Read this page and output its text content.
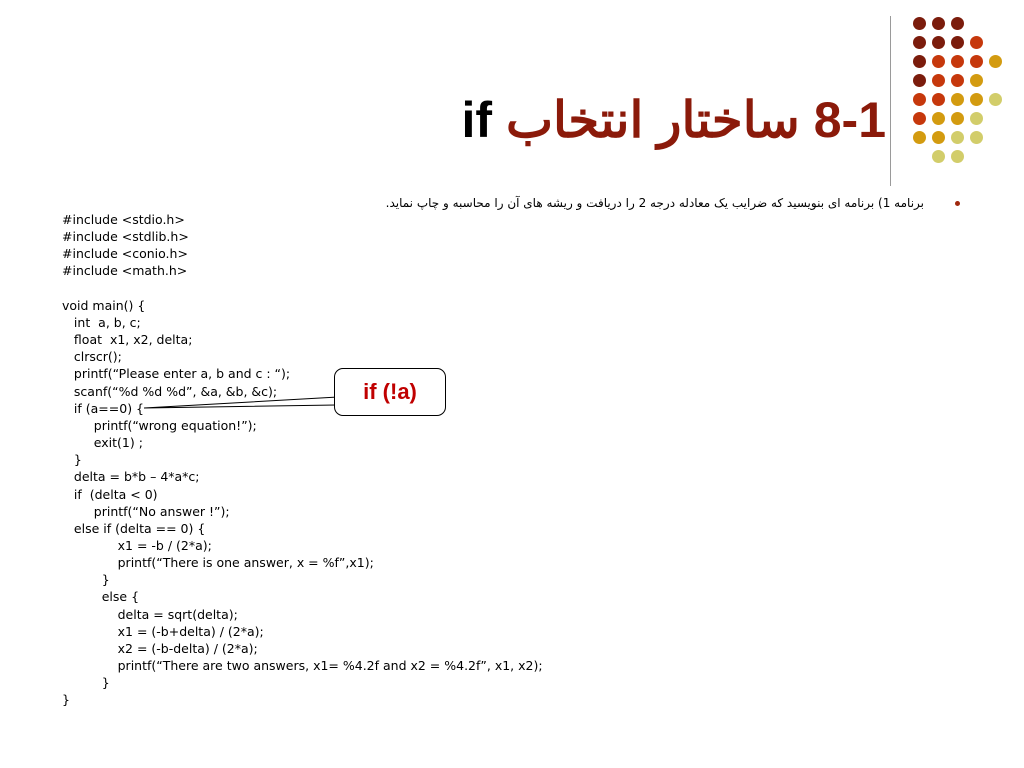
8-1 ساختار انتخاب if
برنامه 1) برنامه ای بنویسید که ضرایب یک معادله درجه 2 را دریافت و ریشه های آن را محاسبه و چاپ نماید.
#include <stdio.h>
#include <stdlib.h>
#include <conio.h>
#include <math.h>

void main() {
int  a, b, c;
float  x1, x2, delta;
clrscr();
printf(“Please enter a, b and c : “);
scanf(“%d %d %d”, &a, &b, &c);
if (a==0) {
printf(“wrong equation!”);
exit(1) ;
}
delta = b*b – 4*a*c;
if  (delta < 0)
printf(“No answer !”);
else if (delta == 0) {
x1 = -b / (2*a);
printf(“There is one answer, x = %f”,x1);
}
else {
delta = sqrt(delta);
x1 = (-b+delta) / (2*a);
x2 = (-b-delta) / (2*a);
printf(“There are two answers, x1= %4.2f and x2 = %4.2f”, x1, x2);
}
}
if (!a)
